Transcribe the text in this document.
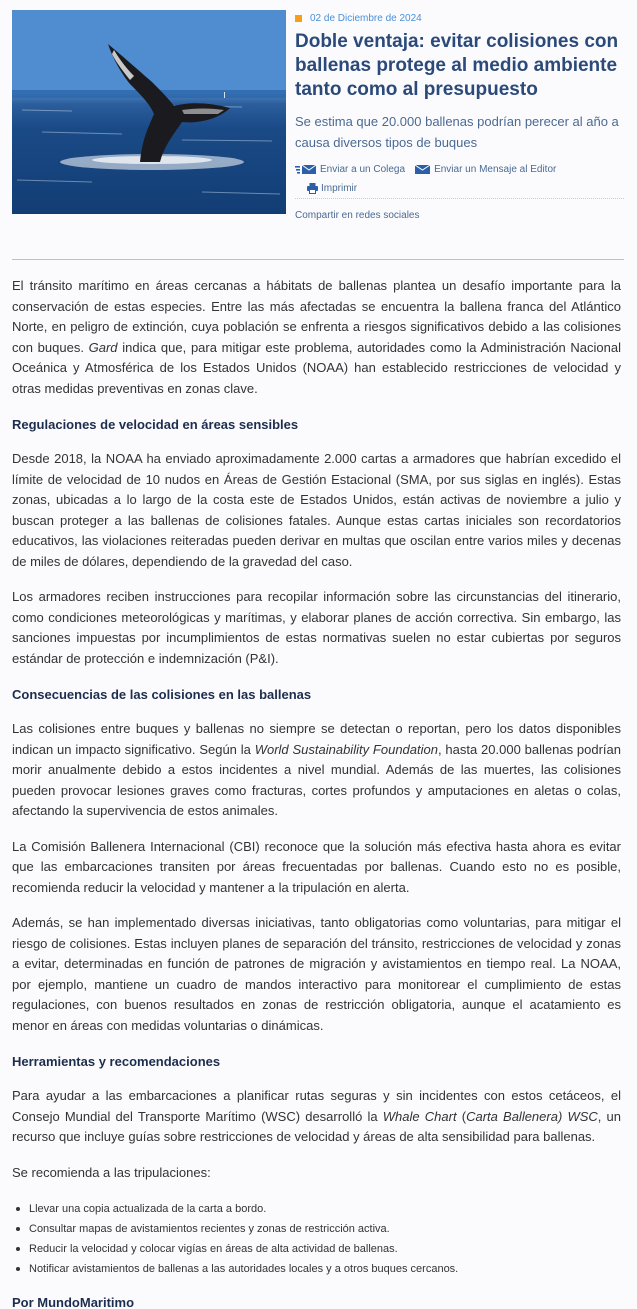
02 de Diciembre de 2024
Doble ventaja: evitar colisiones con ballenas protege al medio ambiente tanto como al presupuesto

Se estima que 20.000 ballenas podrían perecer al año a causa diversos tipos de buques

Enviar a un Colega	Enviar un Mensaje al Editor
Imprimir
Compartir en redes sociales

El tránsito marítimo en áreas cercanas a hábitats de ballenas plantea un desafío importante para la conservación de estas especies. Entre las más afectadas se encuentra la ballena franca del Atlántico Norte, en peligro de extinción, cuya población se enfrenta a riesgos significativos debido a las colisiones con buques. Gard indica que, para mitigar este problema, autoridades como la Administración Nacional Oceánica y Atmosférica de los Estados Unidos (NOAA) han establecido restricciones de velocidad y otras medidas preventivas en zonas clave.

Regulaciones de velocidad en áreas sensibles

Desde 2018, la NOAA ha enviado aproximadamente 2.000 cartas a armadores que habrían excedido el límite de velocidad de 10 nudos en Áreas de Gestión Estacional (SMA, por sus siglas en inglés). Estas zonas, ubicadas a lo largo de la costa este de Estados Unidos, están activas de noviembre a julio y buscan proteger a las ballenas de colisiones fatales. Aunque estas cartas iniciales son recordatorios educativos, las violaciones reiteradas pueden derivar en multas que oscilan entre varios miles y decenas de miles de dólares, dependiendo de la gravedad del caso.

Los armadores reciben instrucciones para recopilar información sobre las circunstancias del itinerario, como condiciones meteorológicas y marítimas, y elaborar planes de acción correctiva. Sin embargo, las sanciones impuestas por incumplimientos de estas normativas suelen no estar cubiertas por seguros estándar de protección e indemnización (P&I).

Consecuencias de las colisiones en las ballenas

Las colisiones entre buques y ballenas no siempre se detectan o reportan, pero los datos disponibles indican un impacto significativo. Según la World Sustainability Foundation, hasta 20.000 ballenas podrían morir anualmente debido a estos incidentes a nivel mundial. Además de las muertes, las colisiones pueden provocar lesiones graves como fracturas, cortes profundos y amputaciones en aletas o colas, afectando la supervivencia de estos animales.

La Comisión Ballenera Internacional (CBI) reconoce que la solución más efectiva hasta ahora es evitar que las embarcaciones transiten por áreas frecuentadas por ballenas. Cuando esto no es posible, recomienda reducir la velocidad y mantener a la tripulación en alerta.

Además, se han implementado diversas iniciativas, tanto obligatorias como voluntarias, para mitigar el riesgo de colisiones. Estas incluyen planes de separación del tránsito, restricciones de velocidad y zonas a evitar, determinadas en función de patrones de migración y avistamientos en tiempo real. La NOAA, por ejemplo, mantiene un cuadro de mandos interactivo para monitorear el cumplimiento de estas regulaciones, con buenos resultados en zonas de restricción obligatoria, aunque el acatamiento es menor en áreas con medidas voluntarias o dinámicas.

Herramientas y recomendaciones

Para ayudar a las embarcaciones a planificar rutas seguras y sin incidentes con estos cetáceos, el Consejo Mundial del Transporte Marítimo (WSC) desarrolló la Whale Chart (Carta Ballenera) WSC, un recurso que incluye guías sobre restricciones de velocidad y áreas de alta sensibilidad para ballenas.

Se recomienda a las tripulaciones:

Llevar una copia actualizada de la carta a bordo.
Consultar mapas de avistamientos recientes y zonas de restricción activa.
Reducir la velocidad y colocar vigías en áreas de alta actividad de ballenas.
Notificar avistamientos de ballenas a las autoridades locales y a otros buques cercanos.
Por MundoMaritimo
